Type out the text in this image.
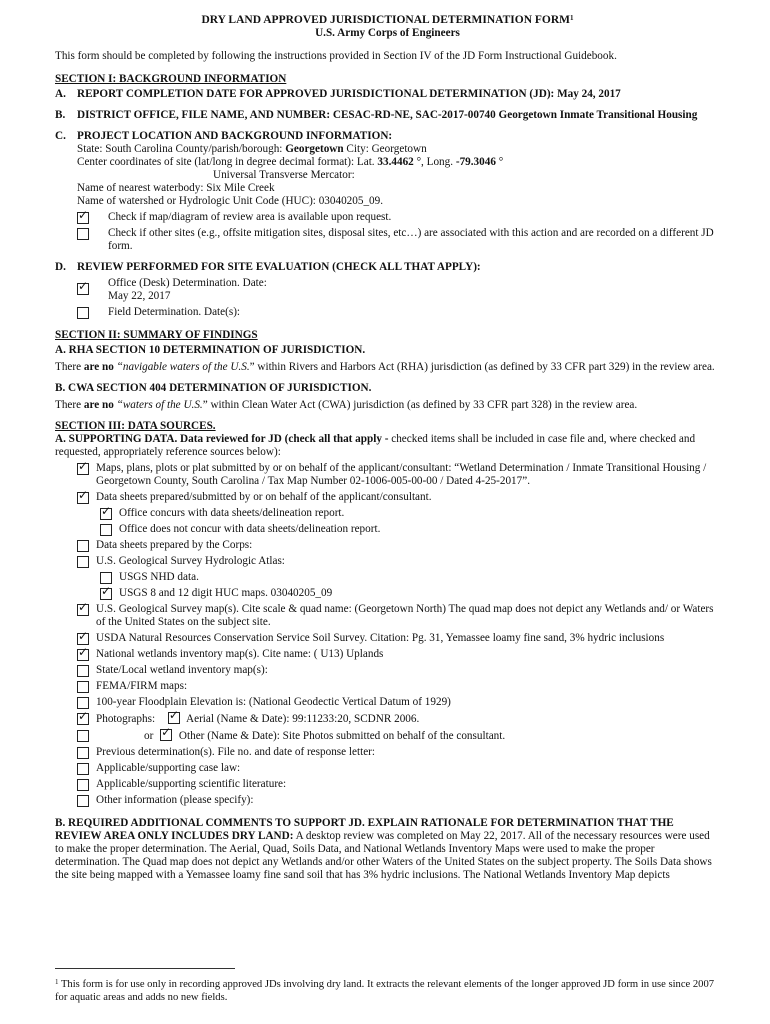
DRY LAND APPROVED JURISDICTIONAL DETERMINATION FORM$^1$
U.S. Army Corps of Engineers

This form should be completed by following the instructions provided in Section IV of the JD Form Instructional Guidebook.

SECTION I: BACKGROUND INFORMATION
A. REPORT COMPLETION DATE FOR APPROVED JURISDICTIONAL DETERMINATION (JD): May 24, 2017
B.	DISTRICT OFFICE, FILE NAME, AND NUMBER: CESAC-RD-NE, SAC-2017-00740 Georgetown Inmate Transitional Housing
C. PROJECT LOCATION AND BACKGROUND INFORMATION:

State: South Carolina County/parish/borough: Georgetown City: Georgetown

Center coordinates of site (lat/long in degree decimal format): Lat. 33.4462 °, Long. -79.3046 °

Universal Transverse Mercator:

Name of nearest waterbody: Six Mile Creek

Name of watershed or Hydrologic Unit Code (HUC): 03040205_09.

✓
Check if map/diagram of review area is available upon request.
Check if other sites (e.g., offsite mitigation sites, disposal sites, etc…) are associated with this action and are recorded on a different JD form.
D. REVIEW PERFORMED FOR SITE EVALUATION (CHECK ALL THAT APPLY):
✓
Office (Desk) Determination. Date:
May 22, 2017
Field Determination. Date(s):
SECTION II: SUMMARY OF FINDINGS
A. RHA SECTION 10 DETERMINATION OF JURISDICTION.

There are no “navigable waters of the U.S.” within Rivers and Harbors Act (RHA) jurisdiction (as defined by 33 CFR part 329) in the review area.

B. CWA SECTION 404 DETERMINATION OF JURISDICTION.

There are no “waters of the U.S.” within Clean Water Act (CWA) jurisdiction (as defined by 33 CFR part 328) in the review area.

SECTION III: DATA SOURCES.

A. SUPPORTING DATA. Data reviewed for JD (check all that apply - checked items shall be included in case file and, where checked and requested, appropriately reference sources below):

✓
Maps, plans, plots or plat submitted by or on behalf of the applicant/consultant: “Wetland Determination / Inmate Transitional Housing / Georgetown County, South Carolina / Tax Map Number 02-1006-005-00-00 / Dated 4-25-2017”.
✓
Data sheets prepared/submitted by or on behalf of the applicant/consultant.
✓
Office concurs with data sheets/delineation report.
Office does not concur with data sheets/delineation report.
Data sheets prepared by the Corps:
U.S. Geological Survey Hydrologic Atlas:
USGS NHD data.
✓
USGS 8 and 12 digit HUC maps. 03040205_09
✓
U.S. Geological Survey map(s). Cite scale & quad name: (Georgetown North) The quad map does not depict any Wetlands and/ or Waters of the United States on the subject site.
✓
USDA Natural Resources Conservation Service Soil Survey. Citation: Pg. 31, Yemassee loamy fine sand, 3% hydric inclusions
✓
National wetlands inventory map(s). Cite name: ( U13) Uplands
State/Local wetland inventory map(s):
FEMA/FIRM maps:
100-year Floodplain Elevation is: (National Geodectic Vertical Datum of 1929)
✓
Photographs: ✓	Aerial (Name & Date): 99:11233:20, SCDNR 2006.
or ✓ Other (Name & Date): Site Photos submitted on behalf of the consultant.
Previous determination(s). File no. and date of response letter:
Applicable/supporting case law:
Applicable/supporting scientific literature:
Other information (please specify):

B. REQUIRED ADDITIONAL COMMENTS TO SUPPORT JD. EXPLAIN RATIONALE FOR DETERMINATION THAT THE REVIEW AREA ONLY INCLUDES DRY LAND: A desktop review was completed on May 22, 2017. All of the necessary resources were used to make the proper determination. The Aerial, Quad, Soils Data, and National Wetlands Inventory Maps were used to make the proper determination. The Quad map does not depict any Wetlands and/or other Waters of the United States on the subject property. The Soils Data shows the site being mapped with a Yemassee loamy fine sand soil that has 3% hydric inclusions. The National Wetlands Inventory Map depicts

$^1$ This form is for use only in recording approved JDs involving dry land. It extracts the relevant elements of the longer approved JD form in use since 2007 for aquatic areas and adds no new fields.
